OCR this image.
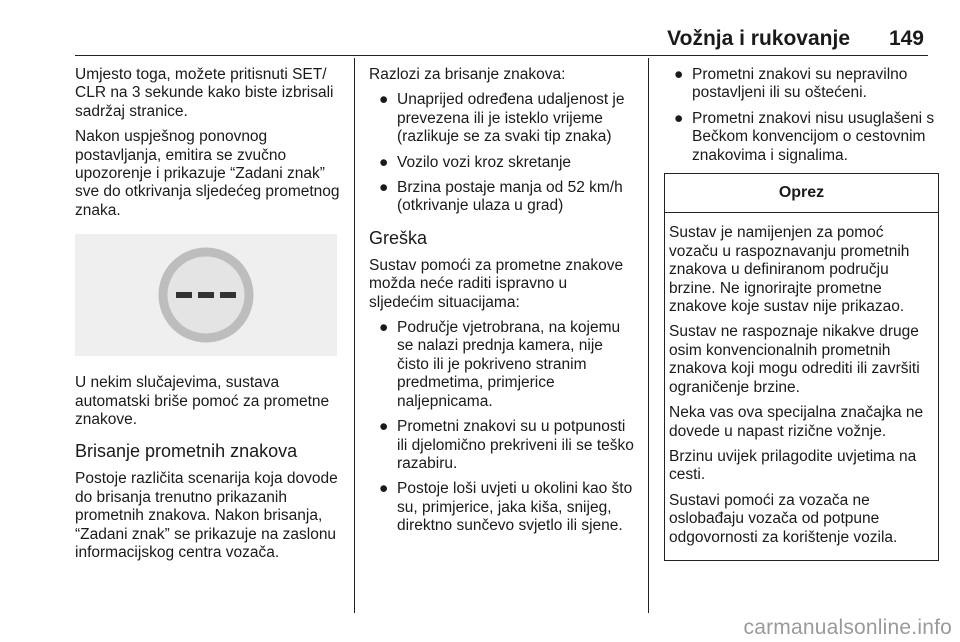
Vožnja i rukovanje 149

Umjesto toga, možete pritisnuti SET/ CLR na 3 sekunde kako biste izbrisali sadržaj stranice.

Nakon uspješnog ponovnog postavljanja, emitira se zvučno upozorenje i prikazuje “Zadani znak” sve do otkrivanja sljedećeg prometnog znaka.

U nekim slučajevima, sustava automatski briše pomoć za prometne znakove.

Brisanje prometnih znakova

Postoje različita scenarija koja dovode do brisanja trenutno prikazanih prometnih znakova. Nakon brisanja, “Zadani znak” se prikazuje na zaslonu informacijskog centra vozača.

Razlozi za brisanje znakova:

● Unaprijed određena udaljenost je prevezena ili je isteklo vrijeme (razlikuje se za svaki tip znaka)
● Vozilo vozi kroz skretanje
● Brzina postaje manja od 52 km/h (otkrivanje ulaza u grad)
Greška

Sustav pomoći za prometne znakove možda neće raditi ispravno u sljedećim situacijama:

● Područje vjetrobrana, na kojemu se nalazi prednja kamera, nije čisto ili je pokriveno stranim predmetima, primjerice naljepnicama.
● Prometni znakovi su u potpunosti ili djelomično prekriveni ili se teško razabiru.
● Postoje loši uvjeti u okolini kao što su, primjerice, jaka kiša, snijeg, direktno sunčevo svjetlo ili sjene.
● Prometni znakovi su nepravilno postavljeni ili su oštećeni.
● Prometni znakovi nisu usuglašeni s Bečkom konvencijom o cestovnim znakovima i signalima.
Oprez

Sustav je namijenjen za pomoć vozaču u raspoznavanju prometnih znakova u definiranom području brzine. Ne ignorirajte prometne znakove koje sustav nije prikazao.

Sustav ne raspoznaje nikakve druge osim konvencionalnih prometnih znakova koji mogu odrediti ili završiti ograničenje brzine.

Neka vas ova specijalna značajka ne dovede u napast rizične vožnje.

Brzinu uvijek prilagodite uvjetima na cesti.

Sustavi pomoći za vozača ne oslobađaju vozača od potpune odgovornosti za korištenje vozila.

carmanualsonline.info
